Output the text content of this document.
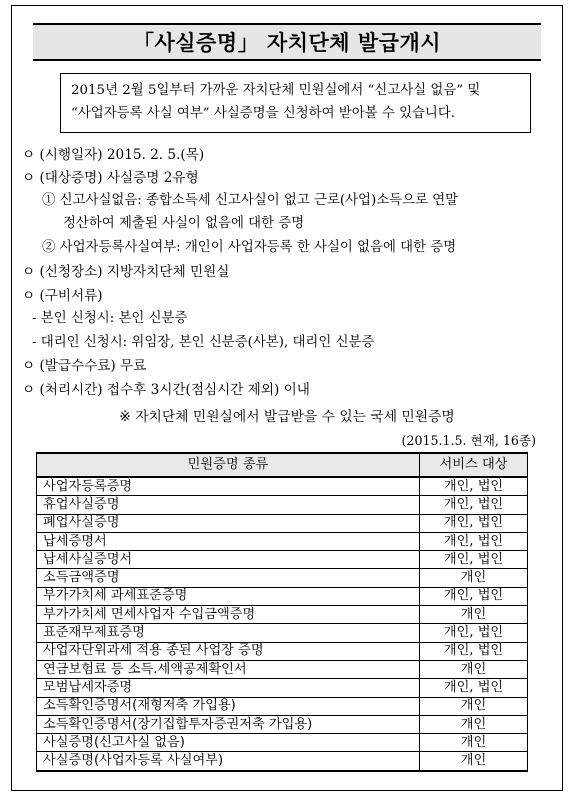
「사실증명」 자치단체 발급개시
2015년 2월 5일부터 가까운 자치단체 민원실에서 “신고사실 없음” 및
“사업자등록 사실 여부” 사실증명을 신청하여 받아볼 수 있습니다.
ㅇ (시행일자) 2015. 2. 5.(목)
ㅇ (대상증명) 사실증명 2유형
① 신고사실없음: 종합소득세 신고사실이 없고 근로(사업)소득으로 연말
정산하여 제출된 사실이 없음에 대한 증명
② 사업자등록사실여부: 개인이 사업자등록 한 사실이 없음에 대한 증명
ㅇ (신청장소) 지방자치단체 민원실
ㅇ (구비서류)
- 본인 신청시: 본인 신분증
- 대리인 신청시: 위임장, 본인 신분증(사본), 대리인 신분증
ㅇ (발급수수료) 무료
ㅇ (처리시간) 접수후 3시간(점심시간 제외) 이내
※ 자치단체 민원실에서 발급받을 수 있는 국세 민원증명
(2015.1.5. 현재, 16종)
민원증명 종류	서비스 대상
사업자등록증명	개인, 법인
휴업사실증명	개인, 법인
폐업사실증명	개인, 법인
납세증명서	개인, 법인
납세사실증명서	개인, 법인
소득금액증명	개인
부가가치세 과세표준증명	개인, 법인
부가가치세 면세사업자 수입금액증명	개인
표준재무제표증명	개인, 법인
사업자단위과세 적용 종된 사업장 증명	개인, 법인
연금보험료 등 소득.세액공제확인서	개인
모범납세자증명	개인, 법인
소득확인증명서(재형저축 가입용)	개인
소득확인증명서(장기집합투자증권저축 가입용)	개인
사실증명(신고사실 없음)	개인
사실증명(사업자등록 사실여부)	개인
